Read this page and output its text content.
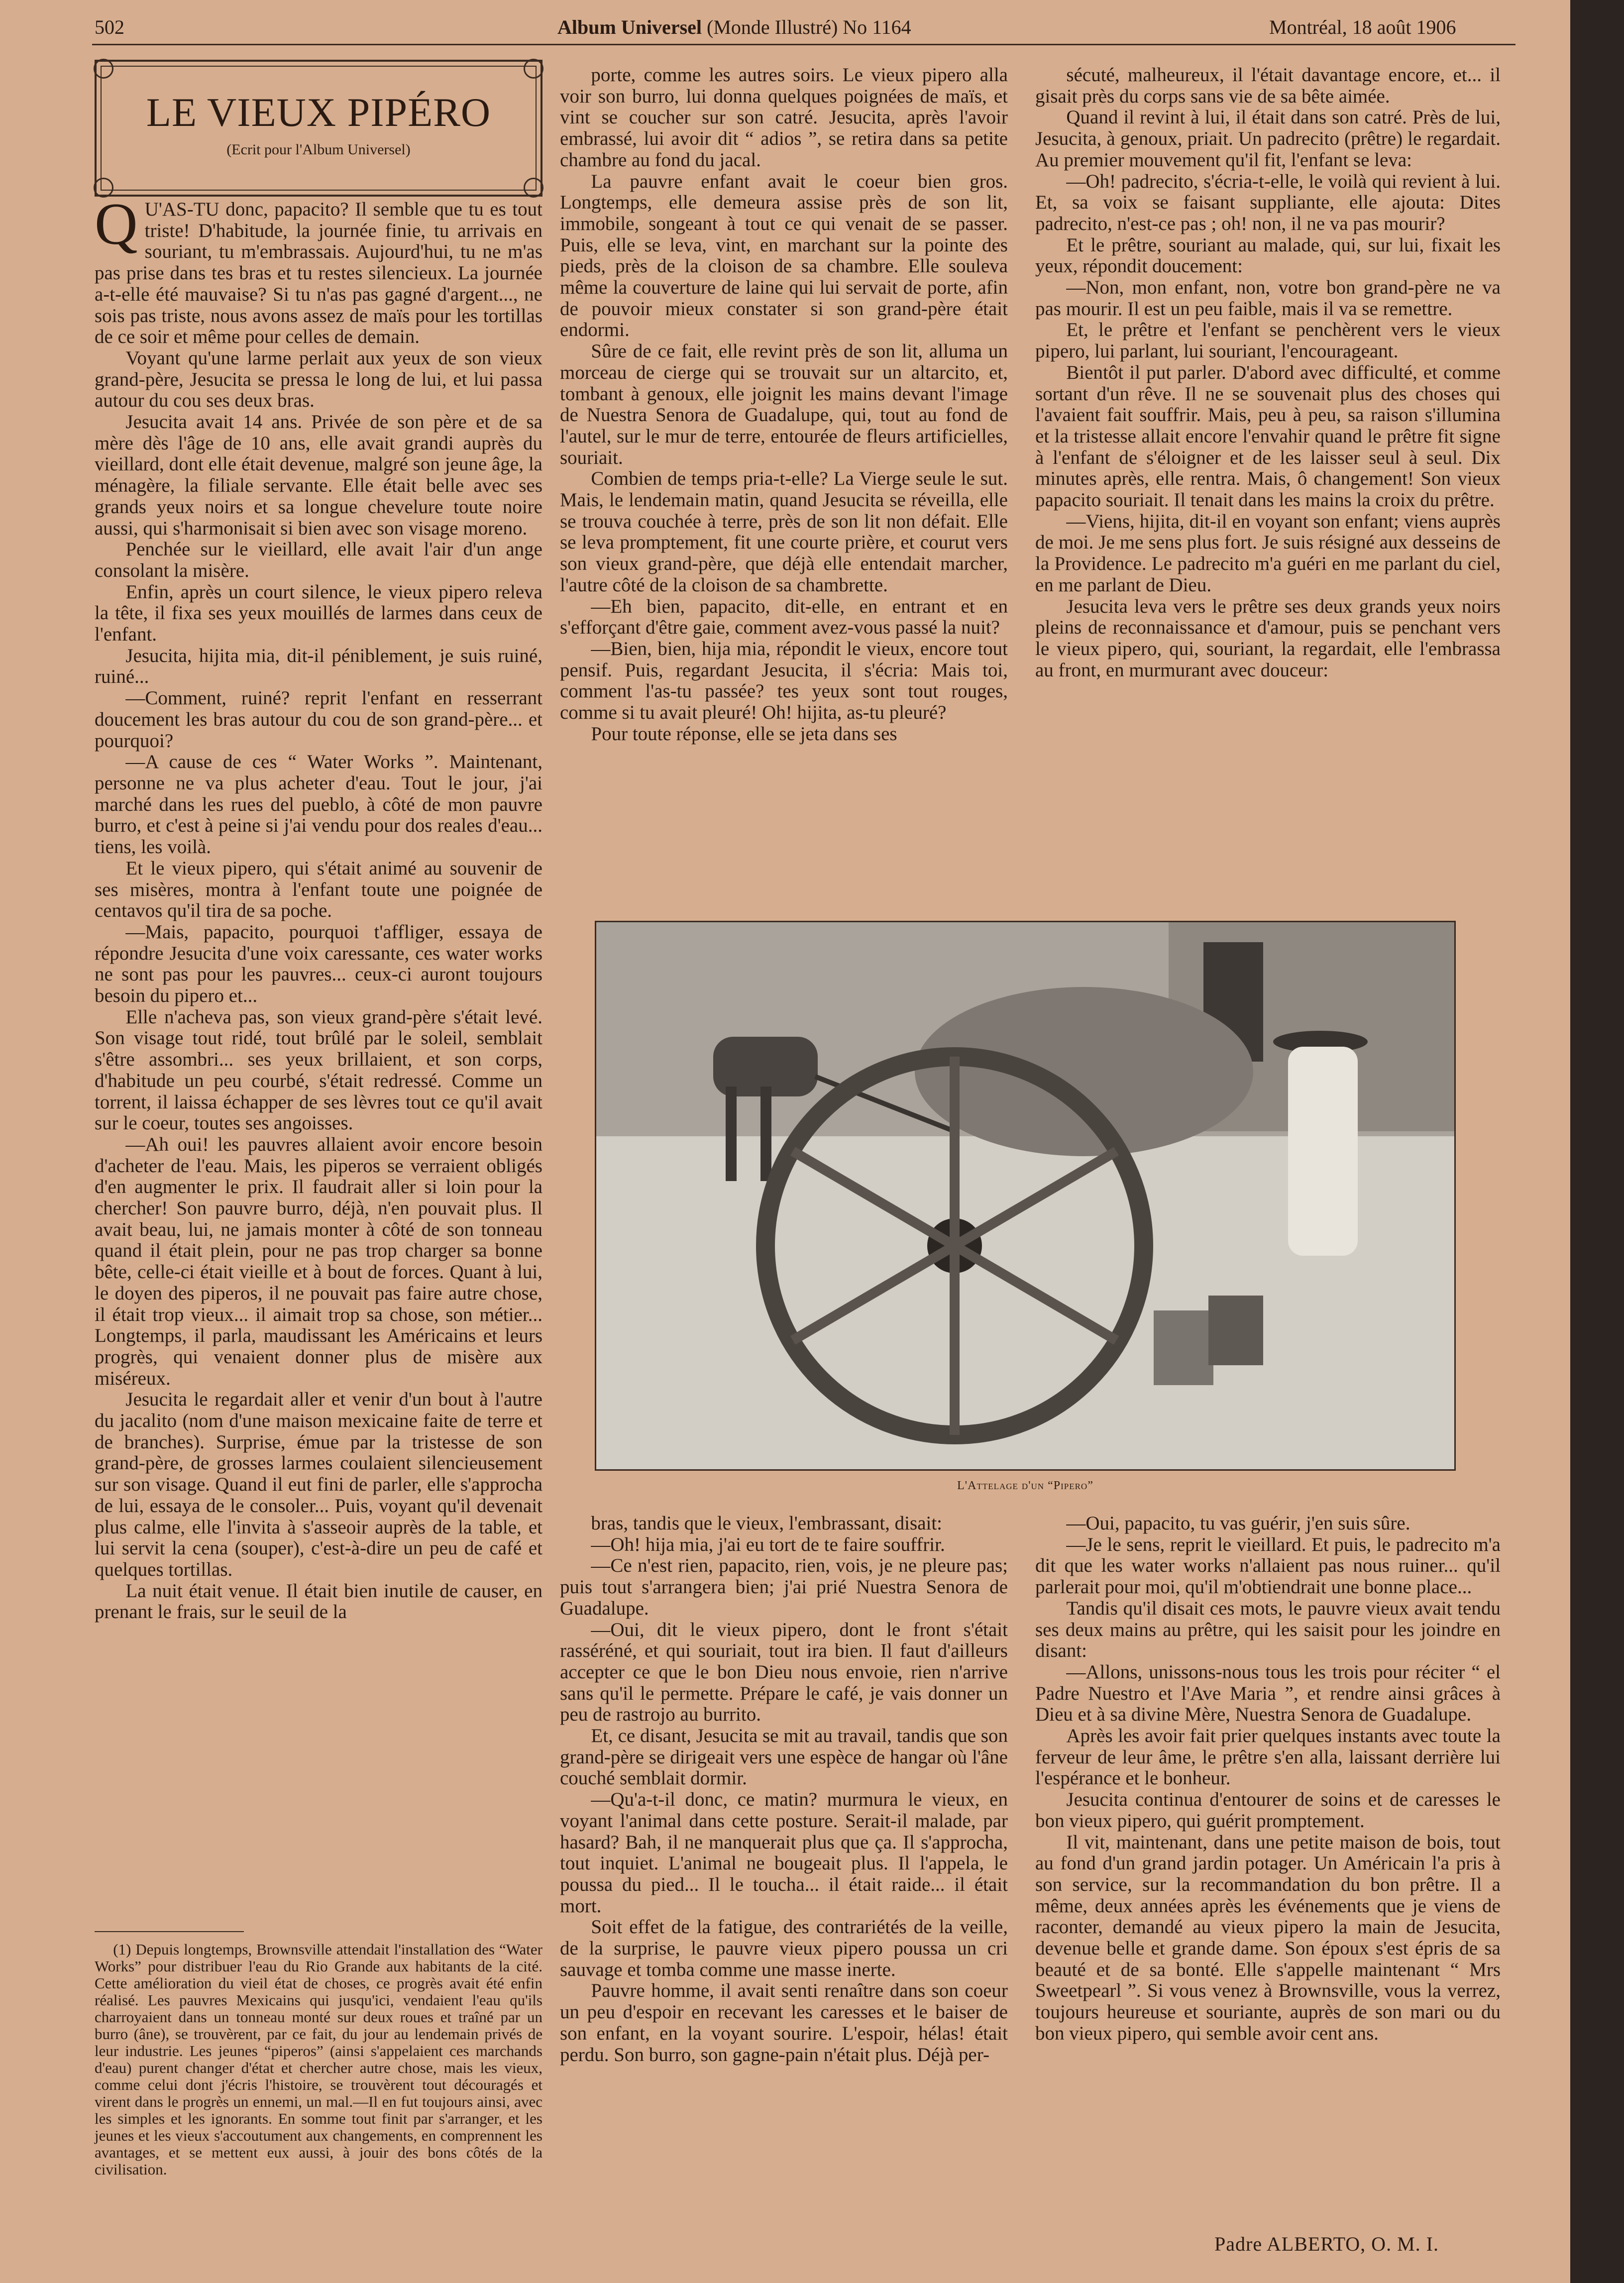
502	Album Universel (Monde Illustré) No 1164	Montréal, 18 août 1906
LE VIEUX PIPÉRO
(Ecrit pour l'Album Universel)

Q U'AS-TU donc, papacito? Il semble que tu es tout triste! D'habitude, la journée finie, tu arrivais en souriant, tu m'embrassais. Aujourd'hui, tu ne m'as pas prise dans tes bras et tu restes silencieux. La journée a-t-elle été mauvaise? Si tu n'as pas gagné d'argent..., ne sois pas triste, nous avons assez de maïs pour les tortillas de ce soir et même pour celles de demain.

Voyant qu'une larme perlait aux yeux de son vieux grand-père, Jesucita se pressa le long de lui, et lui passa autour du cou ses deux bras.

Jesucita avait 14 ans. Privée de son père et de sa mère dès l'âge de 10 ans, elle avait grandi auprès du vieillard, dont elle était devenue, malgré son jeune âge, la ménagère, la filiale servante. Elle était belle avec ses grands yeux noirs et sa longue chevelure toute noire aussi, qui s'harmonisait si bien avec son visage moreno.

Penchée sur le vieillard, elle avait l'air d'un ange consolant la misère.

Enfin, après un court silence, le vieux pipero releva la tête, il fixa ses yeux mouillés de larmes dans ceux de l'enfant.

Jesucita, hijita mia, dit-il péniblement, je suis ruiné, ruiné...

—Comment, ruiné? reprit l'enfant en resserrant doucement les bras autour du cou de son grand-père... et pourquoi?

—A cause de ces “ Water Works ”. Maintenant, personne ne va plus acheter d'eau. Tout le jour, j'ai marché dans les rues del pueblo, à côté de mon pauvre burro, et c'est à peine si j'ai vendu pour dos reales d'eau... tiens, les voilà.

Et le vieux pipero, qui s'était animé au souvenir de ses misères, montra à l'enfant toute une poignée de centavos qu'il tira de sa poche.

—Mais, papacito, pourquoi t'affliger, essaya de répondre Jesucita d'une voix caressante, ces water works ne sont pas pour les pauvres... ceux-ci auront toujours besoin du pipero et...

Elle n'acheva pas, son vieux grand-père s'était levé. Son visage tout ridé, tout brûlé par le soleil, semblait s'être assombri... ses yeux brillaient, et son corps, d'habitude un peu courbé, s'était redressé. Comme un torrent, il laissa échapper de ses lèvres tout ce qu'il avait sur le coeur, toutes ses angoisses.

—Ah oui! les pauvres allaient avoir encore besoin d'acheter de l'eau. Mais, les piperos se verraient obligés d'en augmenter le prix. Il faudrait aller si loin pour la chercher! Son pauvre burro, déjà, n'en pouvait plus. Il avait beau, lui, ne jamais monter à côté de son tonneau quand il était plein, pour ne pas trop charger sa bonne bête, celle-ci était vieille et à bout de forces. Quant à lui, le doyen des piperos, il ne pouvait pas faire autre chose, il était trop vieux... il aimait trop sa chose, son métier... Longtemps, il parla, maudissant les Américains et leurs progrès, qui venaient donner plus de misère aux miséreux.

Jesucita le regardait aller et venir d'un bout à l'autre du jacalito (nom d'une maison mexicaine faite de terre et de branches). Surprise, émue par la tristesse de son grand-père, de grosses larmes coulaient silencieusement sur son visage. Quand il eut fini de parler, elle s'approcha de lui, essaya de le consoler... Puis, voyant qu'il devenait plus calme, elle l'invita à s'asseoir auprès de la table, et lui servit la cena (souper), c'est-à-dire un peu de café et quelques tortillas.

La nuit était venue. Il était bien inutile de causer, en prenant le frais, sur le seuil de la

porte, comme les autres soirs. Le vieux pipero alla voir son burro, lui donna quelques poignées de maïs, et vint se coucher sur son catré. Jesucita, après l'avoir embrassé, lui avoir dit “ adios ”, se retira dans sa petite chambre au fond du jacal.

La pauvre enfant avait le coeur bien gros. Longtemps, elle demeura assise près de son lit, immobile, songeant à tout ce qui venait de se passer. Puis, elle se leva, vint, en marchant sur la pointe des pieds, près de la cloison de sa chambre. Elle souleva même la couverture de laine qui lui servait de porte, afin de pouvoir mieux constater si son grand-père était endormi.

Sûre de ce fait, elle revint près de son lit, alluma un morceau de cierge qui se trouvait sur un altarcito, et, tombant à genoux, elle joignit les mains devant l'image de Nuestra Senora de Guadalupe, qui, tout au fond de l'autel, sur le mur de terre, entourée de fleurs artificielles, souriait.

Combien de temps pria-t-elle? La Vierge seule le sut. Mais, le lendemain matin, quand Jesucita se réveilla, elle se trouva couchée à terre, près de son lit non défait. Elle se leva promptement, fit une courte prière, et courut vers son vieux grand-père, que déjà elle entendait marcher, l'autre côté de la cloison de sa chambrette.

—Eh bien, papacito, dit-elle, en entrant et en s'efforçant d'être gaie, comment avez-vous passé la nuit?

—Bien, bien, hija mia, répondit le vieux, encore tout pensif. Puis, regardant Jesucita, il s'écria: Mais toi, comment l'as-tu passée? tes yeux sont tout rouges, comme si tu avait pleuré! Oh! hijita, as-tu pleuré?

Pour toute réponse, elle se jeta dans ses

sécuté, malheureux, il l'était davantage encore, et... il gisait près du corps sans vie de sa bête aimée.

Quand il revint à lui, il était dans son catré. Près de lui, Jesucita, à genoux, priait. Un padrecito (prêtre) le regardait. Au premier mouvement qu'il fit, l'enfant se leva:

—Oh! padrecito, s'écria-t-elle, le voilà qui revient à lui. Et, sa voix se faisant suppliante, elle ajouta: Dites padrecito, n'est-ce pas ; oh! non, il ne va pas mourir?

Et le prêtre, souriant au malade, qui, sur lui, fixait les yeux, répondit doucement:

—Non, mon enfant, non, votre bon grand-père ne va pas mourir. Il est un peu faible, mais il va se remettre.

Et, le prêtre et l'enfant se penchèrent vers le vieux pipero, lui parlant, lui souriant, l'encourageant.

Bientôt il put parler. D'abord avec difficulté, et comme sortant d'un rêve. Il ne se souvenait plus des choses qui l'avaient fait souffrir. Mais, peu à peu, sa raison s'illumina et la tristesse allait encore l'envahir quand le prêtre fit signe à l'enfant de s'éloigner et de les laisser seul à seul. Dix minutes après, elle rentra. Mais, ô changement! Son vieux papacito souriait. Il tenait dans les mains la croix du prêtre.

—Viens, hijita, dit-il en voyant son enfant; viens auprès de moi. Je me sens plus fort. Je suis résigné aux desseins de la Providence. Le padrecito m'a guéri en me parlant du ciel, en me parlant de Dieu.

Jesucita leva vers le prêtre ses deux grands yeux noirs pleins de reconnaissance et d'amour, puis se penchant vers le vieux pipero, qui, souriant, la regardait, elle l'embrassa au front, en murmurant avec douceur:

L'Attelage d'un “Pipero”

bras, tandis que le vieux, l'embrassant, disait:

—Oh! hija mia, j'ai eu tort de te faire souffrir.

—Ce n'est rien, papacito, rien, vois, je ne pleure pas; puis tout s'arrangera bien; j'ai prié Nuestra Senora de Guadalupe.

—Oui, dit le vieux pipero, dont le front s'était rasséréné, et qui souriait, tout ira bien. Il faut d'ailleurs accepter ce que le bon Dieu nous envoie, rien n'arrive sans qu'il le permette. Prépare le café, je vais donner un peu de rastrojo au burrito.

Et, ce disant, Jesucita se mit au travail, tandis que son grand-père se dirigeait vers une espèce de hangar où l'âne couché semblait dormir.

—Qu'a-t-il donc, ce matin? murmura le vieux, en voyant l'animal dans cette posture. Serait-il malade, par hasard? Bah, il ne manquerait plus que ça. Il s'approcha, tout inquiet. L'animal ne bougeait plus. Il l'appela, le poussa du pied... Il le toucha... il était raide... il était mort.

Soit effet de la fatigue, des contrariétés de la veille, de la surprise, le pauvre vieux pipero poussa un cri sauvage et tomba comme une masse inerte.

Pauvre homme, il avait senti renaître dans son coeur un peu d'espoir en recevant les caresses et le baiser de son enfant, en la voyant sourire. L'espoir, hélas! était perdu. Son burro, son gagne-pain n'était plus. Déjà per-

—Oui, papacito, tu vas guérir, j'en suis sûre.

—Je le sens, reprit le vieillard. Et puis, le padrecito m'a dit que les water works n'allaient pas nous ruiner... qu'il parlerait pour moi, qu'il m'obtiendrait une bonne place...

Tandis qu'il disait ces mots, le pauvre vieux avait tendu ses deux mains au prêtre, qui les saisit pour les joindre en disant:

—Allons, unissons-nous tous les trois pour réciter “ el Padre Nuestro et l'Ave Maria ”, et rendre ainsi grâces à Dieu et à sa divine Mère, Nuestra Senora de Guadalupe.

Après les avoir fait prier quelques instants avec toute la ferveur de leur âme, le prêtre s'en alla, laissant derrière lui l'espérance et le bonheur.

Jesucita continua d'entourer de soins et de caresses le bon vieux pipero, qui guérit promptement.

Il vit, maintenant, dans une petite maison de bois, tout au fond d'un grand jardin potager. Un Américain l'a pris à son service, sur la recommandation du bon prêtre. Il a même, deux années après les événements que je viens de raconter, demandé au vieux pipero la main de Jesucita, devenue belle et grande dame. Son époux s'est épris de sa beauté et de sa bonté. Elle s'appelle maintenant “ Mrs Sweetpearl ”. Si vous venez à Brownsville, vous la verrez, toujours heureuse et souriante, auprès de son mari ou du bon vieux pipero, qui semble avoir cent ans.

(1) Depuis longtemps, Brownsville attendait l'installation des “Water Works” pour distribuer l'eau du Rio Grande aux habitants de la cité. Cette amélioration du vieil état de choses, ce progrès avait été enfin réalisé. Les pauvres Mexicains qui jusqu'ici, vendaient l'eau qu'ils charroyaient dans un tonneau monté sur deux roues et traîné par un burro (âne), se trouvèrent, par ce fait, du jour au lendemain privés de leur industrie. Les jeunes “piperos” (ainsi s'appelaient ces marchands d'eau) purent changer d'état et chercher autre chose, mais les vieux, comme celui dont j'écris l'histoire, se trouvèrent tout découragés et virent dans le progrès un ennemi, un mal.—Il en fut toujours ainsi, avec les simples et les ignorants. En somme tout finit par s'arranger, et les jeunes et les vieux s'accoutument aux changements, en comprennent les avantages, et se mettent eux aussi, à jouir des bons côtés de la civilisation.

Padre ALBERTO, O. M. I.
